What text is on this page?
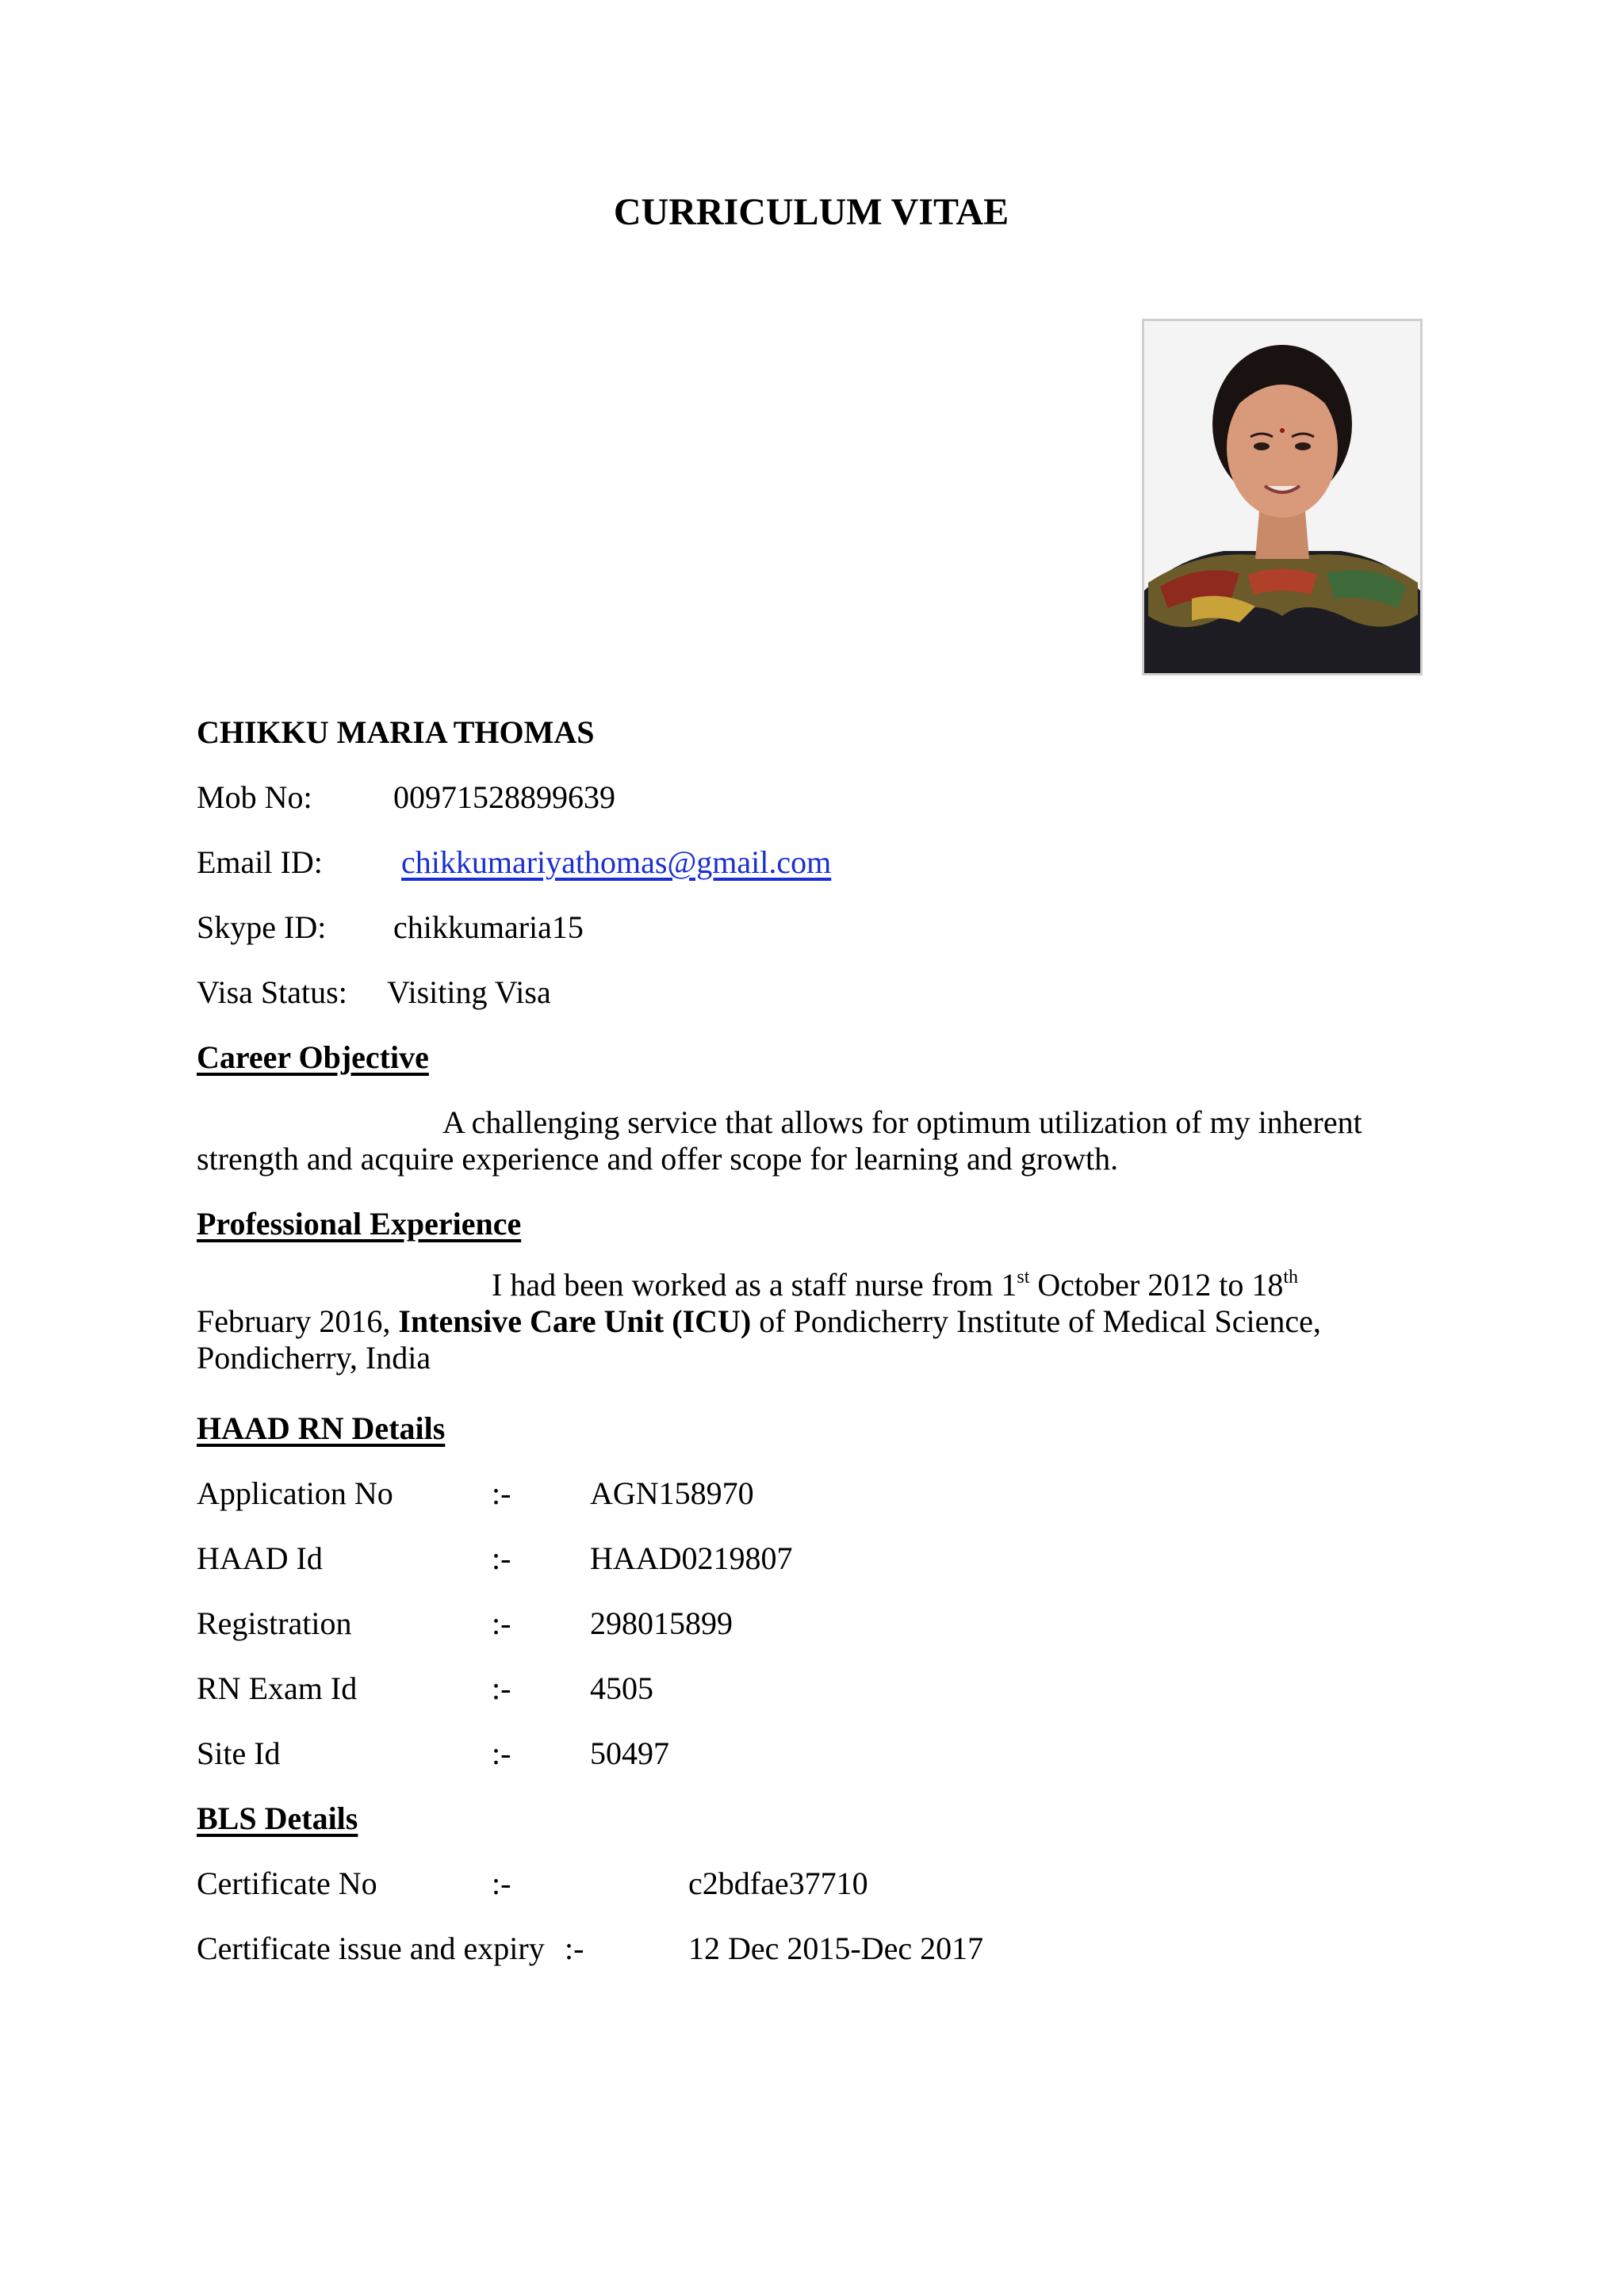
CURRICULUM VITAE
CHIKKU MARIA THOMAS
Mob No:	00971528899639
Email ID: chikkumariyathomas@gmail.com
Skype ID: chikkumaria15
Visa Status: Visiting Visa
Career Objective
A challenging service that allows for optimum utilization of my inherent
strength and acquire experience and offer scope for learning and growth.
Professional Experience
I had been worked as a staff nurse from 1st October 2012 to 18th
February 2016, Intensive Care Unit (ICU) of Pondicherry Institute of Medical Science,
Pondicherry, India
HAAD RN Details
Application No	:- AGN158970
HAAD Id	:- HAAD0219807
Registration	:- 298015899
RN Exam Id	:- 4505
Site Id	:- 50497
BLS Details
Certificate No	:-	c2bdfae37710
Certificate issue and expiry :-	12 Dec 2015-Dec 2017
